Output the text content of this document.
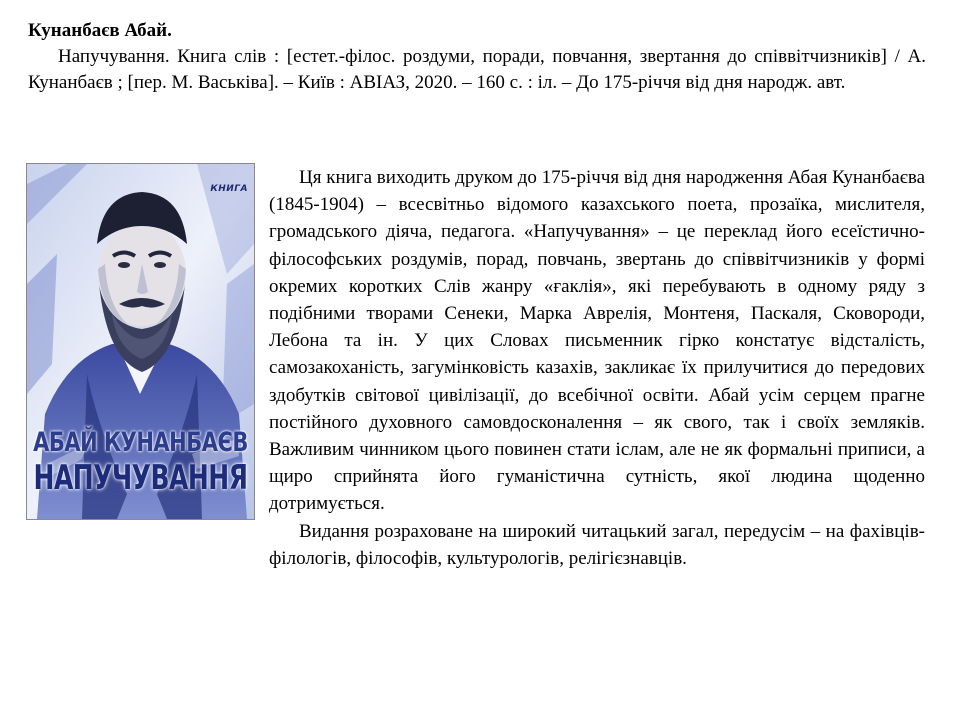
Кунанбаєв Абай.
Напучування. Книга слів : [естет.-філос. роздуми, поради, повчання, звертання до співвітчизників] / А. Кунанбаєв ; [пер. М. Васьківа]. – Київ : АВІАЗ, 2020. – 160 с. : іл. – До 175-річчя від дня народж. авт.
КНИГА
АБАЙ КУНАНБАЄВ
НАПУЧУВАННЯ

Ця книга виходить друком до 175-річчя від дня народження Абая Кунанбаєва (1845-1904) – всесвітньо відомого казахського поета, прозаїка, мислителя, громадського діяча, педагога. «Напучування» – це переклад його есеїстично-філософських роздумів, порад, повчань, звертань до співвітчизників у формі окремих коротких Слів жанру «ғаклія», які перебувають в одному ряду з подібними творами Сенеки, Марка Аврелія, Монтеня, Паскаля, Сковороди, Лебона та ін. У цих Словах письменник гірко констатує відсталість, самозакоханість, загумінковість казахів, закликає їх прилучитися до передових здобутків світової цивілізації, до всебічної освіти. Абай усім серцем прагне постійного духовного самовдосконалення – як свого, так і своїх земляків. Важливим чинником цього повинен стати іслам, але не як формальні приписи, а щиро сприйнята його гуманістична сутність, якої людина щоденно дотримується.

Видання розраховане на широкий читацький загал, передусім – на фахівців-філологів, філософів, культурологів, релігієзнавців.
